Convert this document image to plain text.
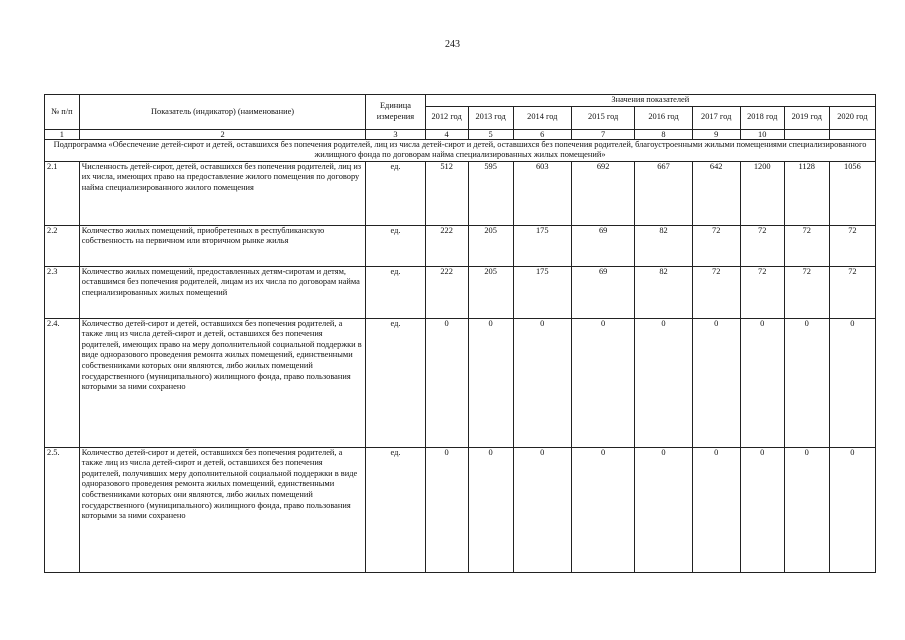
243
№ п/п	Показатель (индикатор) (наименование)	Единица измерения	Значения показателей								
			2012 год	2013 год	2014 год	2015 год	2016 год	2017 год	2018 год	2019 год	2020 год
1	2	3	4	5	6	7	8	9	10		
Подпрограмма «Обеспечение детей-сирот и детей, оставшихся без попечения родителей, лиц из числа детей-сирот и детей, оставшихся без попечения родителей, благоустроенными жилыми помещениями специализированного жилищного фонда по договорам найма специализированных жилых помещений»											
2.1	Численность детей-сирот, детей, оставшихся без попечения родителей, лиц из их числа, имеющих право на предоставление жилого помещения по договору найма специализированного жилого помещения	ед.	512	595	603	692	667	642	1200	1128	1056
2.2	Количество жилых помещений, приобретенных в республиканскую собственность на первичном или вторичном рынке жилья	ед.	222	205	175	69	82	72	72	72	72
2.3	Количество жилых помещений, предоставленных детям-сиротам и детям, оставшимся без попечения родителей, лицам из их числа по договорам найма специализированных жилых помещений	ед.	222	205	175	69	82	72	72	72	72
2.4.	Количество детей-сирот и детей, оставшихся без попечения родителей, а также лиц из числа детей-сирот и детей, оставшихся без попечения родителей, имеющих право на меру дополнительной социальной поддержки в виде одноразового проведения ремонта жилых помещений, единственными собственниками которых они являются, либо жилых помещений государственного (муниципального) жилищного фонда, право пользования которыми за ними сохранено	ед.	0	0	0	0	0	0	0	0	0
2.5.	Количество детей-сирот и детей, оставшихся без попечения родителей, а также лиц из числа детей-сирот и детей, оставшихся без попечения родителей, получивших меру дополнительной социальной поддержки в виде одноразового проведения ремонта жилых помещений, единственными собственниками которых они являются, либо жилых помещений государственного (муниципального) жилищного фонда, право пользования которыми за ними сохранено	ед.	0	0	0	0	0	0	0	0	0
